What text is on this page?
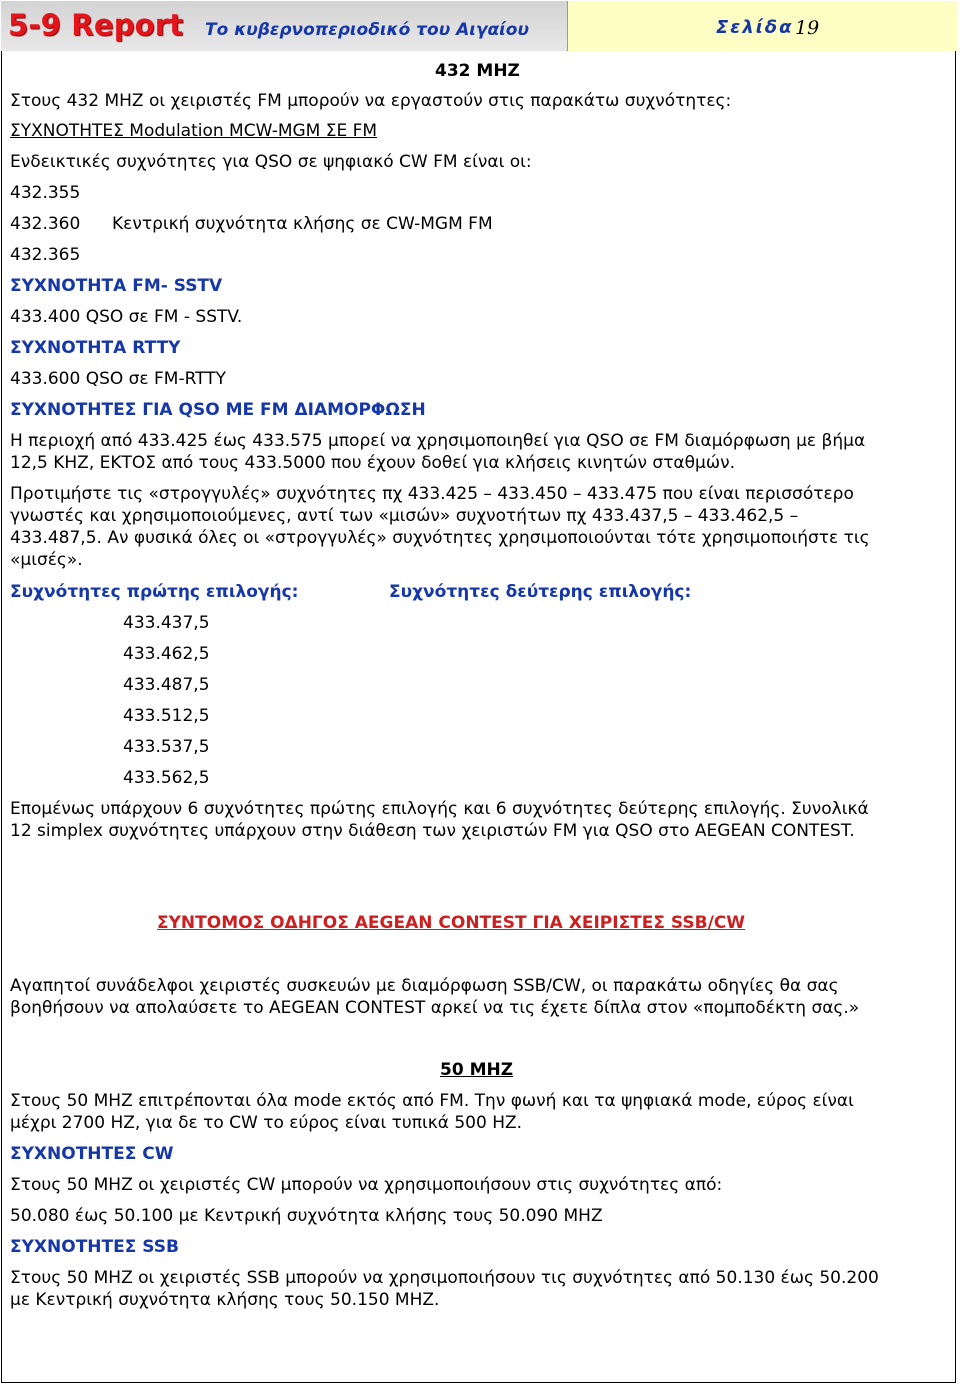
5-9 Report Το κυβερνοπεριοδικό του Αιγαίου	Σελίδα 19
432 MHZ
Στους 432 MHZ οι χειριστές FM μπορούν να εργαστούν στις παρακάτω συχνότητες:
ΣΥΧΝΟΤΗΤΕΣ Modulation MCW-MGM ΣΕ FM
Ενδεικτικές συχνότητες για QSO σε ψηφιακό CW FM είναι οι:
432.355
432.360 Κεντρική συχνότητα κλήσης σε CW-MGM FM
432.365
ΣΥΧΝΟΤΗΤΑ FM- SSTV
433.400 QSO σε FM - SSTV.
ΣΥΧΝΟΤΗΤΑ RTTY
433.600 QSO σε FM-RTTY
ΣΥΧΝΟΤΗΤΕΣ ΓΙΑ QSO ΜΕ FM ΔΙΑΜΟΡΦΩΣΗ
Η περιοχή από 433.425 έως 433.575 μπορεί να χρησιμοποιηθεί για QSO σε FM διαμόρφωση με βήμα
12,5 KHZ, ΕΚΤΟΣ από τους 433.5000 που έχουν δοθεί για κλήσεις κινητών σταθμών.
Προτιμήστε τις «στρογγυλές» συχνότητες πχ 433.425 – 433.450 – 433.475 που είναι περισσότερο
γνωστές και χρησιμοποιούμενες, αντί των «μισών» συχνοτήτων πχ 433.437,5 – 433.462,5 –
433.487,5. Αν φυσικά όλες οι «στρογγυλές» συχνότητες χρησιμοποιούνται τότε χρησιμοποιήστε τις
«μισές».
Συχνότητες πρώτης επιλογής:	Συχνότητες δεύτερης επιλογής:
433.437,5
433.462,5
433.487,5
433.512,5
433.537,5
433.562,5
Επομένως υπάρχουν 6 συχνότητες πρώτης επιλογής και 6 συχνότητες δεύτερης επιλογής. Συνολικά
12 simplex συχνότητες υπάρχουν στην διάθεση των χειριστών FM για QSO στο AEGEAN CONTEST.
ΣΥΝΤΟΜΟΣ ΟΔΗΓΟΣ AEGEAN CONTEST ΓΙΑ ΧΕΙΡΙΣΤΕΣ SSB/CW
Αγαπητοί συνάδελφοι χειριστές συσκευών με διαμόρφωση SSB/CW, οι παρακάτω οδηγίες θα σας
βοηθήσουν να απολαύσετε το AEGEAN CONTEST αρκεί να τις έχετε δίπλα στον «πομποδέκτη σας.»
50 MHZ
Στους 50 MHZ επιτρέπονται όλα mode εκτός από FM. Την φωνή και τα ψηφιακά mode, εύρος είναι
μέχρι 2700 HZ, για δε το CW το εύρος είναι τυπικά 500 HZ.
ΣΥΧΝΟΤΗΤΕΣ CW
Στους 50 MHZ οι χειριστές CW μπορούν να χρησιμοποιήσουν στις συχνότητες από:
50.080 έως 50.100 με Κεντρική συχνότητα κλήσης τους 50.090 MHZ
ΣΥΧΝΟΤΗΤΕΣ SSB
Στους 50 MHZ οι χειριστές SSB μπορούν να χρησιμοποιήσουν τις συχνότητες από 50.130 έως 50.200
με Κεντρική συχνότητα κλήσης τους 50.150 MHZ.
